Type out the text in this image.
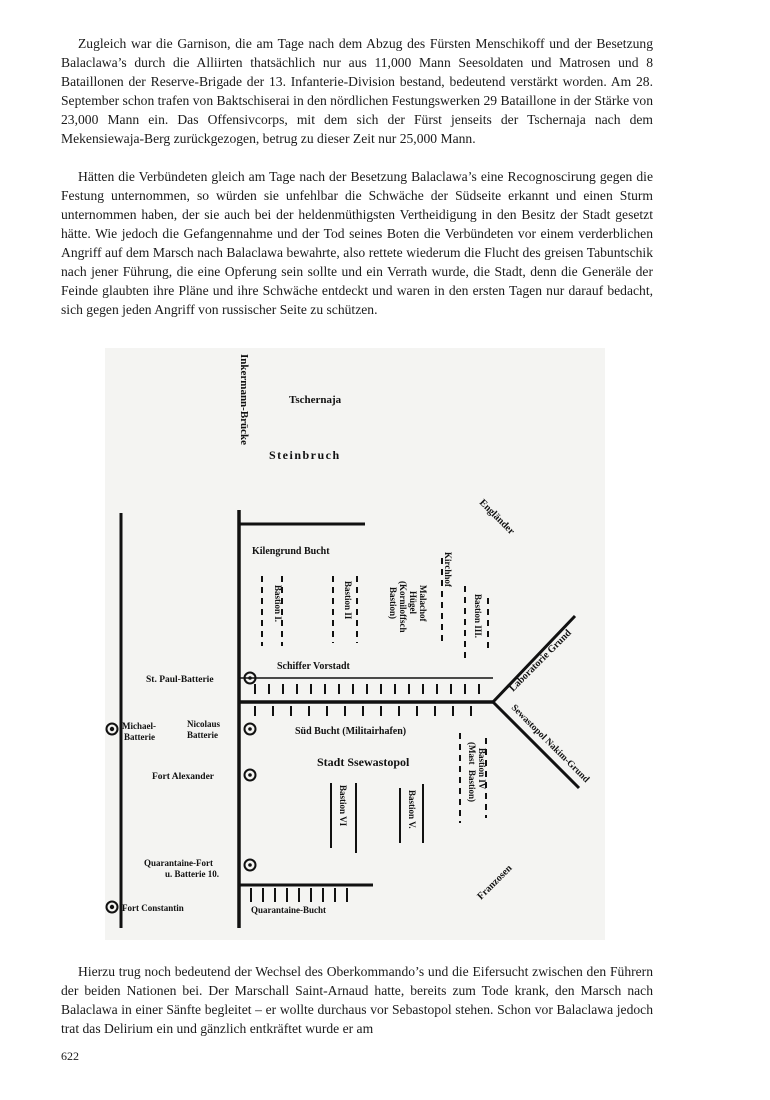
Zugleich war die Garnison, die am Tage nach dem Abzug des Fürsten Menschikoff und der Besetzung Balaclawa’s durch die Alliirten thatsächlich nur aus 11,000 Mann Seesoldaten und Matrosen und 8 Bataillonen der Reserve-Brigade der 13. Infanterie-Division bestand, bedeutend verstärkt worden. Am 28. September schon trafen von Baktschiserai in den nördlichen Festungswerken 29 Bataillone in der Stärke von 23,000 Mann ein. Das Offensivcorps, mit dem sich der Fürst jenseits der Tschernaja nach dem Mekensiewaja-Berg zurückgezogen, betrug zu dieser Zeit nur 25,000 Mann.

Hätten die Verbündeten gleich am Tage nach der Besetzung Balaclawa’s eine Recognoscirung gegen die Festung unternommen, so würden sie unfehlbar die Schwäche der Südseite erkannt und einen Sturm unternommen haben, der sie auch bei der heldenmüthigsten Vertheidigung in den Besitz der Stadt gesetzt hätte. Wie jedoch die Gefangennahme und der Tod seines Boten die Verbündeten vor einem verderblichen Angriff auf dem Marsch nach Balaclawa bewahrte, also rettete wiederum die Flucht des greisen Tabuntschik nach jener Führung, die eine Opferung sein sollte und ein Verrath wurde, die Stadt, denn die Generäle der Feinde glaubten ihre Pläne und ihre Schwäche entdeckt und waren in den ersten Tagen nur darauf bedacht, sich gegen jeden Angriff von russischer Seite zu schützen.

Inkermann-Brücke	Tschernaja
Steinbruch
Engländer
Kilengrund Bucht
Kirchhof
Bastion I.	Bastion II	Malachof
Hügel
(Korniloffsch
Bastion)	Bastion III.
Laboratorie Grund
Schiffer Vorstadt
St. Paul-Batterie
Michael-
Batterie
Nicolaus
Batterie	Süd Bucht (Militairhafen)	Sewastopol Nakim-Grund
Stadt Ssewastopol	Bastion IV
(Mast
Bastion)
Fort Alexander
Bastion VI	Bastion V.
Franzosen
Quarantaine-Fort
u. Batterie 10.
Fort Constantin	Quarantaine-Bucht

Hierzu trug noch bedeutend der Wechsel des Oberkommando’s und die Eifersucht zwischen den Führern der beiden Nationen bei. Der Marschall Saint-Arnaud hatte, bereits zum Tode krank, den Marsch nach Balaclawa in einer Sänfte begleitet – er wollte durchaus vor Sebastopol stehen. Schon vor Balaclawa jedoch trat das Delirium ein und gänzlich entkräftet wurde er am

622
